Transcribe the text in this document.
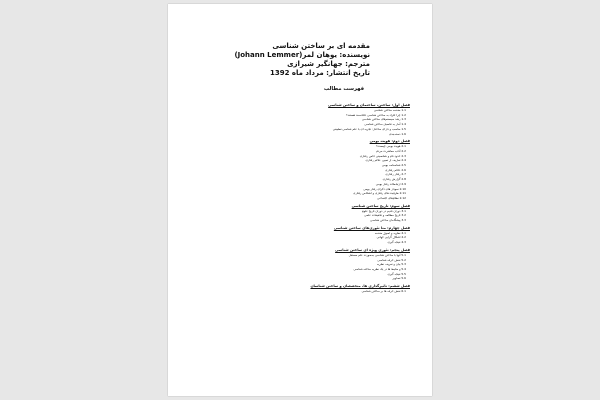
مقدمه ای بر ساختن شناسی

نویسنده: یوهان لمر(Johann Lemmer)

مترجم: جهانگیر شیرازی

تاریخ انتشار: مرداد ماه 1392

فهرست مطالب
فصل اول: ساختن، ساختمان و ساختن شناسی
1.1 مقدمه ساختن شناسی
1.2 چرا افراد به ساختن شناسی علاقه‌مند هستند؟
1.3 رشد سیستم‌های ساختن شناسی
1.4 آمار به تحصیل ساختن شناسی
1.5 مناسب و دارای ساختار: تجربه ای با علم شناسی تطبیقی
1.6 دسته‌بندی
فصل دوم: هویت بومی
2.1 هویت بومی چیست؟
2.2 آداب معاشرت مردم
2.3 حدود نام و شخصیتی خاص رفتاری
2.4 تعاریف از تعبیر، علائم رفتاری
2.5 شناسنامه بومی
2.6 علائم رفتاری
2.7 رفتار رفتاری
2.8 گزارش رفتاری
2.9 ارتباطات رفتار بومی
2.10 نمودار های ذکرای رفتار بومی
2.11 ظرفیت های رفتاری و اشخاص رفتاری
2.12 نظام‌های اجتماعی
فصل سوم: تاریخ ساختن شناسی
3.1 دوران قدیم در دوران تاریخ علوم
3.2 تاریخ مطالعه و تحقیقات علمی
3.3 پیشگامان ساختن شناسی
فصل چهارم: متا تئوری‌های ساختن شناسی
4.1 نظریه و اصول مقدمه
4.2 اشکال گرایی جهانی
4.3 نتیجه گیری
فصل پنجم: تئوری ویژه ای ساختن شناسی
5.1 آنها با ساختن شناسی به‌صورت علم مستقل
5.2 نقش حرفه شناسی
5.3 بیان و تعریف نظریه
5.4 و محیط ها در یک نظریه ساخته شناسی
5.5 نتیجه گیری
5.6 تصاویر
فصل ششم: تاثیرگذاری ها، متخصصان و ساختن شناسان
6.1 نقش حرفه ها بر ساختن شناسی
